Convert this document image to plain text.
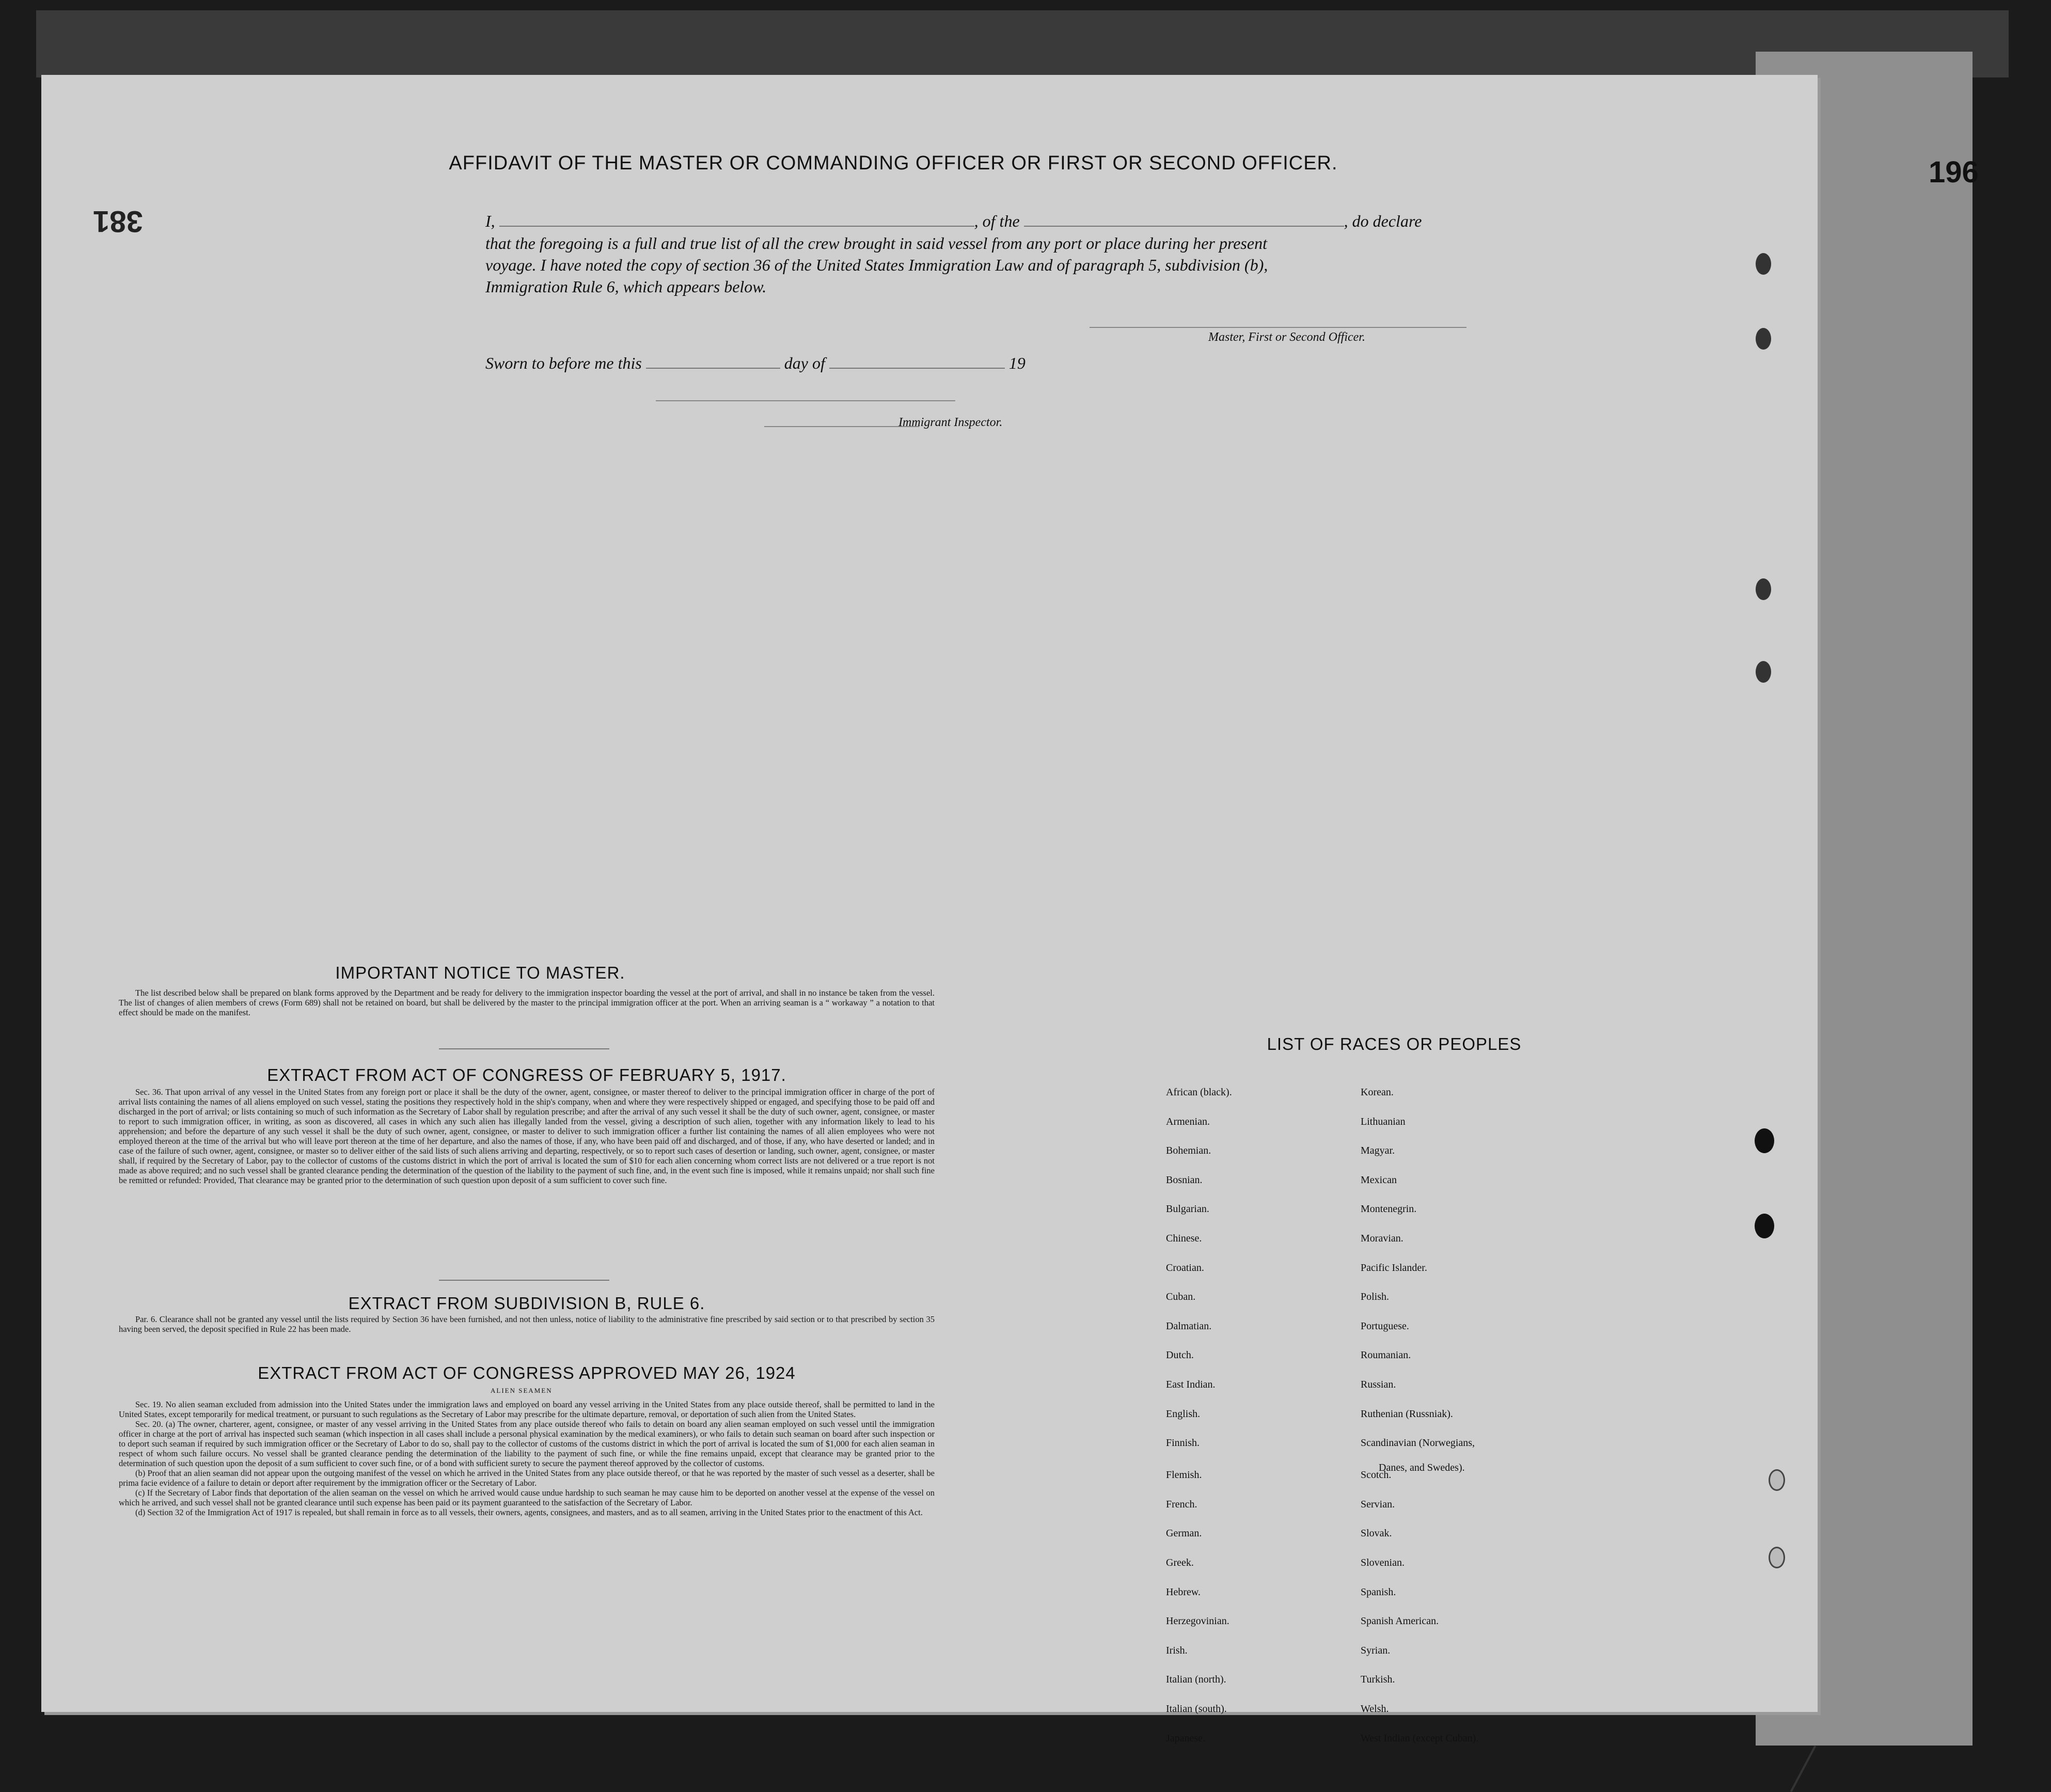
196
381
AFFIDAVIT OF THE MASTER OR COMMANDING OFFICER OR FIRST OR SECOND OFFICER.
I,	, of the	, do declare
that the foregoing is a full and true list of all the crew brought in said vessel from any port or place during her present
voyage. I have noted the copy of section 36 of the United States Immigration Law and of paragraph 5, subdivision (b),
Immigration Rule 6, which appears below.
Master, First or Second Officer.
Sworn to before me this	day of	19
Immigrant Inspector.
IMPORTANT NOTICE TO MASTER.

The list described below shall be prepared on blank forms approved by the Department and be ready for delivery to the immigration inspector boarding the vessel at the port of arrival, and shall in no instance be taken from the vessel. The list of changes of alien members of crews (Form 689) shall not be retained on board, but shall be delivered by the master to the principal immigration officer at the port. When an arriving seaman is a “ workaway ” a notation to that effect should be made on the manifest.

EXTRACT FROM ACT OF CONGRESS OF FEBRUARY 5, 1917.

Sec. 36. That upon arrival of any vessel in the United States from any foreign port or place it shall be the duty of the owner, agent, consignee, or master thereof to deliver to the principal immigration officer in charge of the port of arrival lists containing the names of all aliens employed on such vessel, stating the positions they respectively hold in the ship's company, when and where they were respectively shipped or engaged, and specifying those to be paid off and discharged in the port of arrival; or lists containing so much of such information as the Secretary of Labor shall by regulation prescribe; and after the arrival of any such vessel it shall be the duty of such owner, agent, consignee, or master to report to such immigration officer, in writing, as soon as discovered, all cases in which any such alien has illegally landed from the vessel, giving a description of such alien, together with any information likely to lead to his apprehension; and before the departure of any such vessel it shall be the duty of such owner, agent, consignee, or master to deliver to such immigration officer a further list containing the names of all alien employees who were not employed thereon at the time of the arrival but who will leave port thereon at the time of her departure, and also the names of those, if any, who have been paid off and discharged, and of those, if any, who have deserted or landed; and in case of the failure of such owner, agent, consignee, or master so to deliver either of the said lists of such aliens arriving and departing, respectively, or so to report such cases of desertion or landing, such owner, agent, consignee, or master shall, if required by the Secretary of Labor, pay to the collector of customs of the customs district in which the port of arrival is located the sum of $10 for each alien concerning whom correct lists are not delivered or a true report is not made as above required; and no such vessel shall be granted clearance pending the determination of the question of the liability to the payment of such fine, and, in the event such fine is imposed, while it remains unpaid; nor shall such fine be remitted or refunded: Provided, That clearance may be granted prior to the determination of such question upon deposit of a sum sufficient to cover such fine.

EXTRACT FROM SUBDIVISION B, RULE 6.

Par. 6. Clearance shall not be granted any vessel until the lists required by Section 36 have been furnished, and not then unless, notice of liability to the administrative fine prescribed by said section or to that prescribed by section 35 having been served, the deposit specified in Rule 22 has been made.

EXTRACT FROM ACT OF CONGRESS APPROVED MAY 26, 1924
ALIEN SEAMEN

Sec. 19. No alien seaman excluded from admission into the United States under the immigration laws and employed on board any vessel arriving in the United States from any place outside thereof, shall be permitted to land in the United States, except temporarily for medical treatment, or pursuant to such regulations as the Secretary of Labor may prescribe for the ultimate departure, removal, or deportation of such alien from the United States.

Sec. 20. (a) The owner, charterer, agent, consignee, or master of any vessel arriving in the United States from any place outside thereof who fails to detain on board any alien seaman employed on such vessel until the immigration officer in charge at the port of arrival has inspected such seaman (which inspection in all cases shall include a personal physical examination by the medical examiners), or who fails to detain such seaman on board after such inspection or to deport such seaman if required by such immigration officer or the Secretary of Labor to do so, shall pay to the collector of customs of the customs district in which the port of arrival is located the sum of $1,000 for each alien seaman in respect of whom such failure occurs. No vessel shall be granted clearance pending the determination of the liability to the payment of such fine, or while the fine remains unpaid, except that clearance may be granted prior to the determination of such question upon the deposit of a sum sufficient to cover such fine, or of a bond with sufficient surety to secure the payment thereof approved by the collector of customs.

(b) Proof that an alien seaman did not appear upon the outgoing manifest of the vessel on which he arrived in the United States from any place outside thereof, or that he was reported by the master of such vessel as a deserter, shall be prima facie evidence of a failure to detain or deport after requirement by the immigration officer or the Secretary of Labor.

(c) If the Secretary of Labor finds that deportation of the alien seaman on the vessel on which he arrived would cause undue hardship to such seaman he may cause him to be deported on another vessel at the expense of the vessel on which he arrived, and such vessel shall not be granted clearance until such expense has been paid or its payment guaranteed to the satisfaction of the Secretary of Labor.

(d) Section 32 of the Immigration Act of 1917 is repealed, but shall remain in force as to all vessels, their owners, agents, consignees, and masters, and as to all seamen, arriving in the United States prior to the enactment of this Act.

LIST OF RACES OR PEOPLES
Danes, and Swedes).
African (black).
Armenian.
Bohemian.
Bosnian.
Bulgarian.
Chinese.
Croatian.
Cuban.
Dalmatian.
Dutch.
East Indian.
English.
Finnish.
Flemish.
French.
German.
Greek.
Hebrew.
Herzegovinian.
Irish.
Italian (north).
Italian (south).
Japanese.
Korean.
Lithuanian
Magyar.
Mexican
Montenegrin.
Moravian.
Pacific Islander.
Polish.
Portuguese.
Roumanian.
Russian.
Ruthenian (Russniak).
Scandinavian (Norwegians,
Scotch.
Servian.
Slovak.
Slovenian.
Spanish.
Spanish American.
Syrian.
Turkish.
Welsh.
West Indian (except Cuban).
